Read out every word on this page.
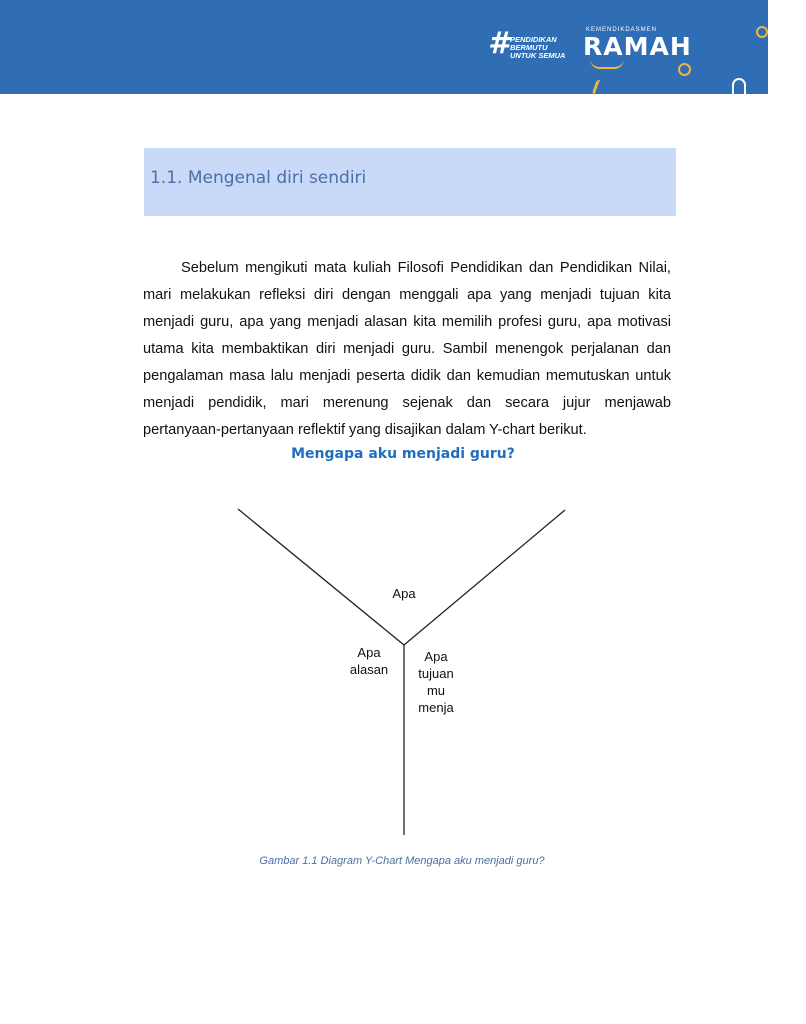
# PENDIDIKAN
BERMUTU
UNTUK SEMUA
KEMENDIKDASMEN
RAMAH
1.1. Mengenal diri sendiri

Sebelum mengikuti mata kuliah Filosofi Pendidikan dan Pendidikan Nilai, mari melakukan refleksi diri dengan menggali apa yang menjadi tujuan kita menjadi guru, apa yang menjadi alasan kita memilih profesi guru, apa motivasi utama kita membaktikan diri menjadi guru. Sambil menengok perjalanan dan pengalaman masa lalu menjadi peserta didik dan kemudian memutuskan untuk menjadi pendidik, mari merenung sejenak dan secara jujur menjawab pertanyaan-pertanyaan reflektif yang disajikan dalam Y-chart berikut.

Mengapa aku menjadi guru?
Apa
Apa alasan
Apa tujuan mu menja
Gambar 1.1 Diagram Y-Chart Mengapa aku menjadi guru?
